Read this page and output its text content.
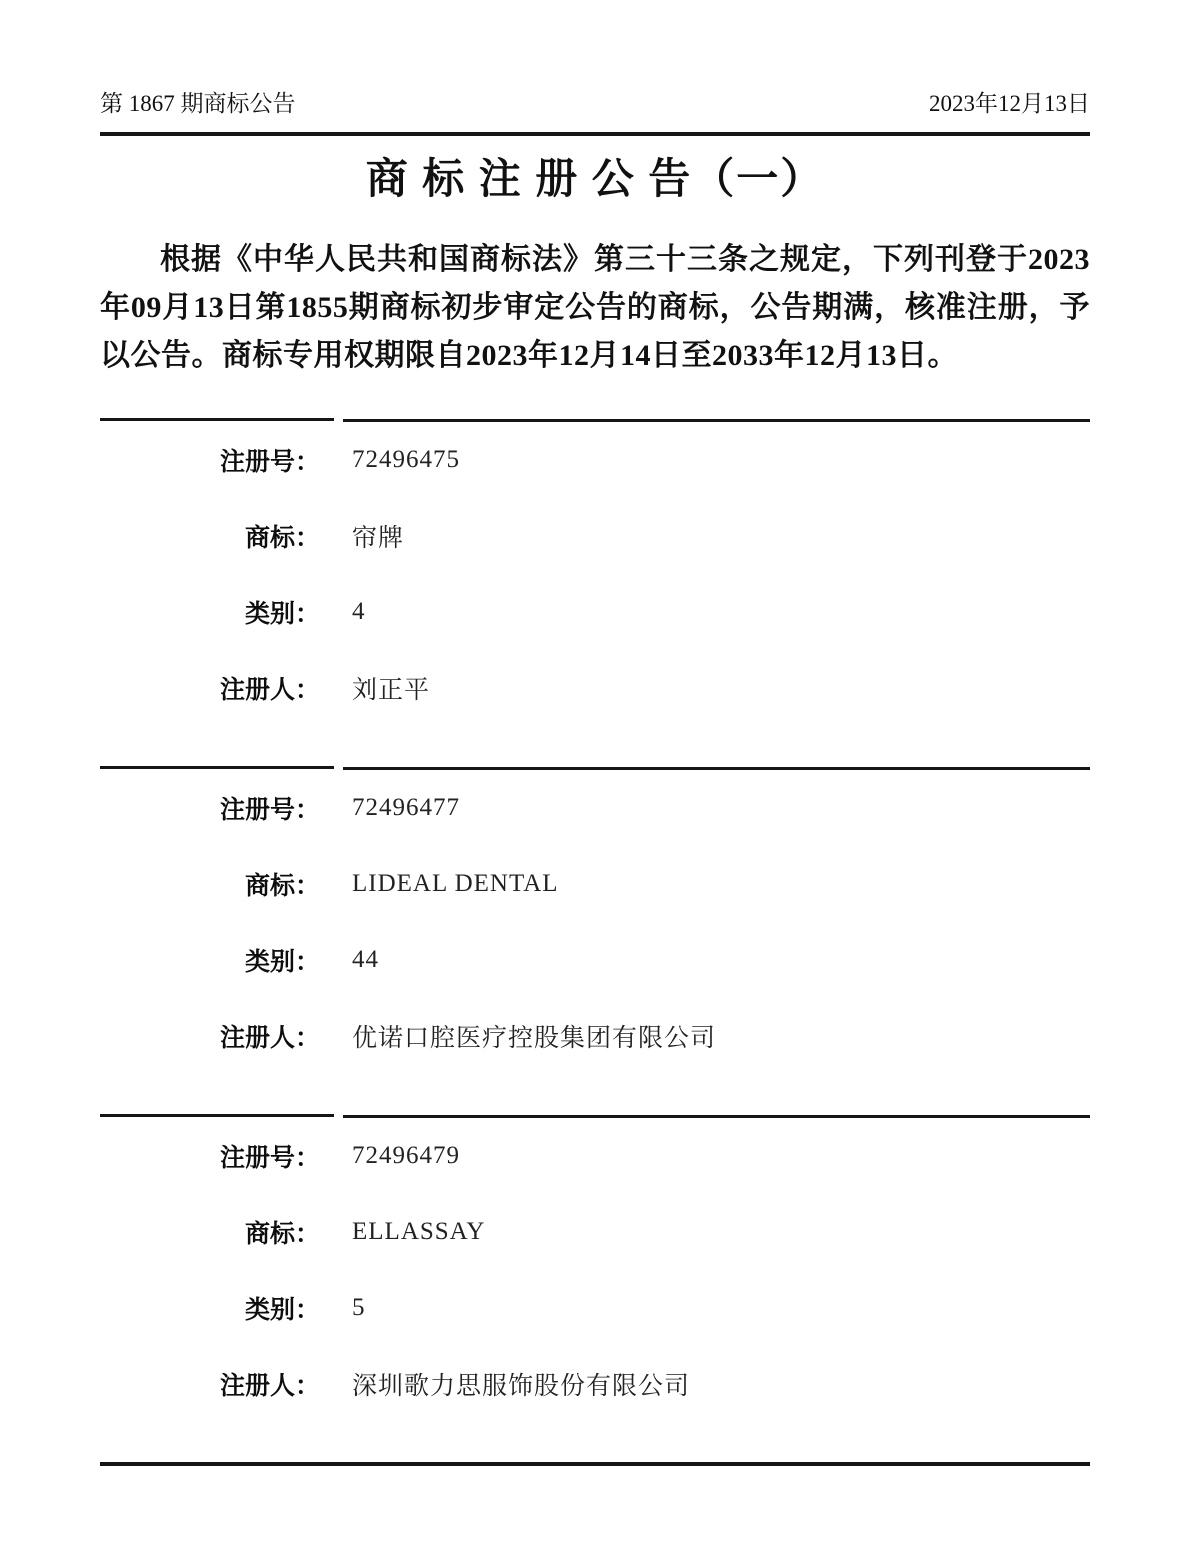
第 1867 期商标公告	2023年12月13日
商 标 注 册 公 告（一）

根据《中华人民共和国商标法》第三十三条之规定，下列刊登于2023年09月13日第1855期商标初步审定公告的商标，公告期满，核准注册，予以公告。商标专用权期限自2023年12月14日至2033年12月13日。

注册号： 72496475
商标： 帘牌
类别： 4
注册人： 刘正平
注册号： 72496477
商标： LIDEAL DENTAL
类别： 44
注册人： 优诺口腔医疗控股集团有限公司
注册号： 72496479
商标： ELLASSAY
类别： 5
注册人： 深圳歌力思服饰股份有限公司
